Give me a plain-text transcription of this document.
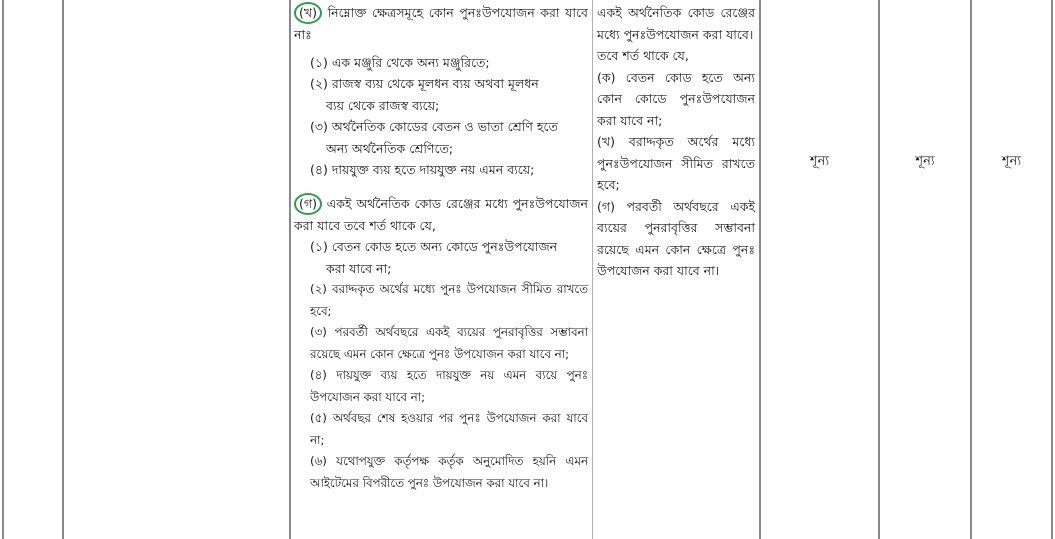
(খ) নিম্নোক্ত ক্ষেত্রসমূহে কোন পুনঃউপযোজন করা যাবে নাঃ

(১) এক মঞ্জুরি থেকে অন্য মঞ্জুরিতে;

(২) রাজস্ব ব্যয় থেকে মূলধন ব্যয় অথবা মূলধন

ব্যয় থেকে রাজস্ব ব্যয়ে;

(৩) অর্থনৈতিক কোডের বেতন ও ভাতা শ্রেণি হতে

অন্য অর্থনৈতিক শ্রেণিতে;

(৪) দায়যুক্ত ব্যয় হতে দায়যুক্ত নয় এমন ব্যয়ে;

(গ) একই অর্থনৈতিক কোড রেঞ্জের মধ্যে পুনঃউপযোজন করা যাবে তবে শর্ত থাকে যে,

(১) বেতন কোড হতে অন্য কোডে পুনঃউপযোজন

করা যাবে না;

(২) বরাদ্দকৃত অর্থের মধ্যে পুনঃ উপযোজন সীমিত রাখতে হবে;

(৩) পরবর্তী অর্থবছরে একই ব্যয়ের পুনরাবৃত্তির সম্ভাবনা রয়েছে এমন কোন ক্ষেত্রে পুনঃ উপযোজন করা যাবে না;

(৪) দায়যুক্ত ব্যয় হতে দায়যুক্ত নয় এমন ব্যয়ে পুনঃ উপযোজন করা যাবে না;

(৫) অর্থবছর শেষ হওয়ার পর পুনঃ উপযোজন করা যাবে না;

(৬) যথোপযুক্ত কর্তৃপক্ষ কর্তৃক অনুমোদিত হয়নি এমন আইটেমের বিপরীতে পুনঃ উপযোজন করা যাবে না।

একই অর্থনৈতিক কোড রেঞ্জের মধ্যে পুনঃউপযোজন করা যাবে।

তবে শর্ত থাকে যে,

(ক) বেতন কোড হতে অন্য কোন কোডে পুনঃউপযোজন করা যাবে না;

(খ) বরাদ্দকৃত অর্থের মধ্যে পুনঃউপযোজন সীমিত রাখতে হবে;

(গ) পরবর্তী অর্থবছরে একই ব্যয়ের পুনরাবৃত্তির সম্ভাবনা রয়েছে এমন কোন ক্ষেত্রে পুনঃ উপযোজন করা যাবে না।

শূন্য	শূন্য	শূন্য
